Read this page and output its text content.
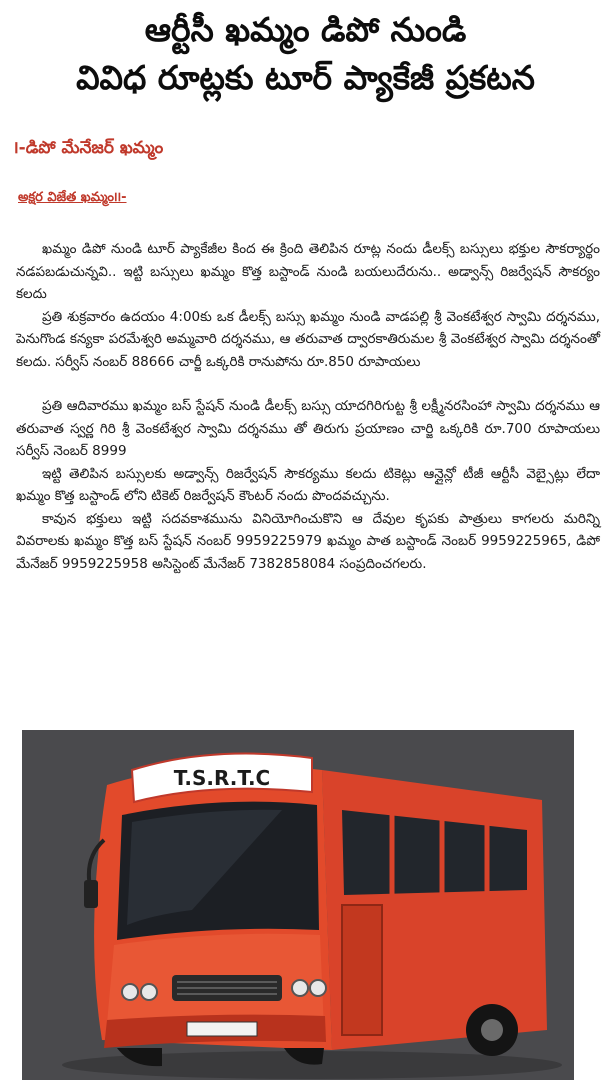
ఆర్టీసీ ఖమ్మం డిపో నుండి
వివిధ రూట్లకు టూర్ ప్యాకేజీ ప్రకటన
౹-డిపో మేనేజర్ ఖమ్మం
అక్షర విజేత ఖమ్మం౹౹-

ఖమ్మం డిపో నుండి టూర్ ప్యాకేజీల కింద ఈ క్రింది తెలిపిన రూట్ల నందు డీలక్స్ బస్సులు భక్తుల సౌకర్యార్థం నడపబడుచున్నవి.. ఇట్టి బస్సులు ఖమ్మం కొత్త బస్టాండ్ నుండి బయలుదేరును.. అడ్వాన్స్ రిజర్వేషన్ సౌకర్యం కలదు

ప్రతి శుక్రవారం ఉదయం 4:00కు ఒక డీలక్స్ బస్సు ఖమ్మం నుండి వాడపల్లి శ్రీ వెంకటేశ్వర స్వామి దర్శనము, పెనుగొండ కన్యకా పరమేశ్వరి అమ్మవారి దర్శనము, ఆ తరువాత ద్వారకాతిరుమల శ్రీ వెంకటేశ్వర స్వామి దర్శనంతో కలదు. సర్వీస్ నంబర్ 88666 చార్జీ ఒక్కరికి రానుపోను రూ.850 రూపాయలు

ప్రతి ఆదివారము ఖమ్మం బస్ స్టేషన్ నుండి డీలక్స్ బస్సు యాదగిరిగుట్ట శ్రీ లక్ష్మీనరసింహా స్వామి దర్శనము ఆ తరువాత స్వర్ణ గిరి శ్రీ వెంకటేశ్వర స్వామి దర్శనము తో తిరుగు ప్రయాణం చార్జి ఒక్కరికి రూ.700 రూపాయలు సర్వీస్ నెంబర్ 8999

ఇట్టి తెలిపిన బస్సులకు అడ్వాన్స్ రిజర్వేషన్ సౌకర్యము కలదు టికెట్లు ఆన్లైన్లో టీజీ ఆర్టీసీ వెబ్సైట్లు లేదా ఖమ్మం కొత్త బస్టాండ్ లోని టికెట్ రిజర్వేషన్ కౌంటర్ నందు పొందవచ్చును.

కావున భక్తులు ఇట్టి సదవకాశమును వినియోగించుకొని ఆ దేవుల కృపకు పాత్రులు కాగలరు మరిన్ని వివరాలకు ఖమ్మం కొత్త బస్ స్టేషన్ నంబర్ 9959225979 ఖమ్మం పాత బస్టాండ్ నెంబర్ 9959225965, డిపో మేనేజర్ 9959225958 అసిస్టెంట్ మేనేజర్ 7382858084 సంప్రదించగలరు.

T.S.R.T.C
